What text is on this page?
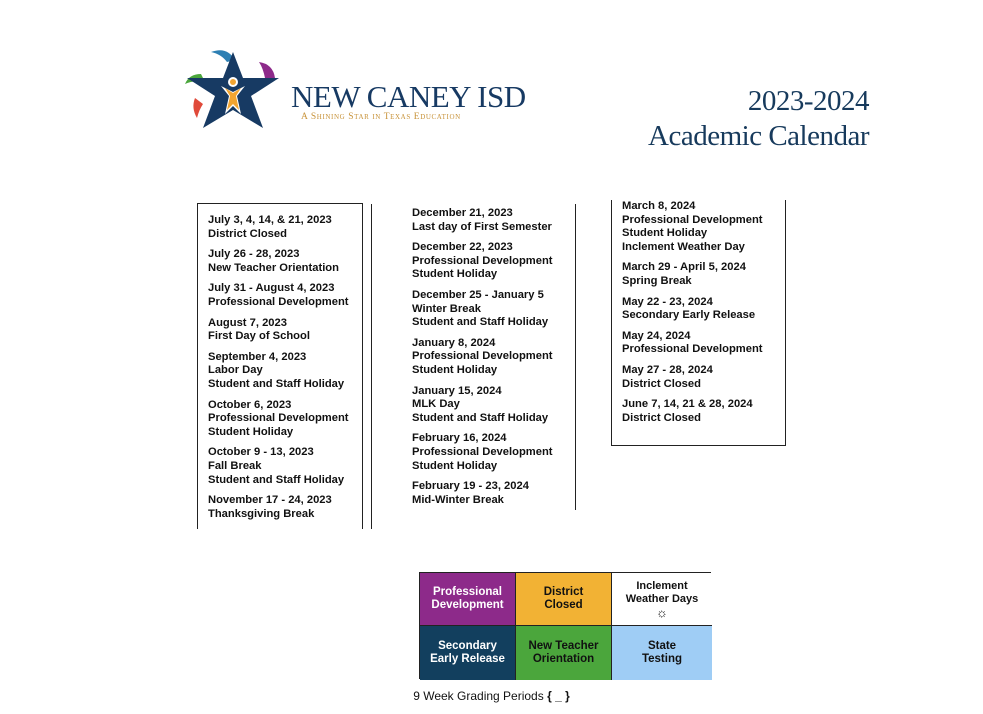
NEW CANEY ISD
A Shining Star in Texas Education	2023-2024
Academic Calendar
July 3, 4, 14, & 21, 2023
District Closed
July 26 - 28, 2023
New Teacher Orientation
July 31 - August 4, 2023
Professional Development
August 7, 2023
First Day of School
September 4, 2023
Labor Day
Student and Staff Holiday
October 6, 2023
Professional Development
Student Holiday
October 9 - 13, 2023
Fall Break
Student and Staff Holiday
November 17 - 24, 2023
Thanksgiving Break
December 21, 2023
Last day of First Semester
December 22, 2023
Professional Development
Student Holiday
December 25 - January 5
Winter Break
Student and Staff Holiday
January 8, 2024
Professional Development
Student Holiday
January 15, 2024
MLK Day
Student and Staff Holiday
February 16, 2024
Professional Development
Student Holiday
February 19 - 23, 2024
Mid-Winter Break
March 8, 2024
Professional Development
Student Holiday
Inclement Weather Day
March 29 - April 5, 2024
Spring Break
May 22 - 23, 2024
Secondary Early Release
May 24, 2024
Professional Development
May 27 - 28, 2024
District Closed
June 7, 14, 21 & 28, 2024
District Closed
Professional
Development
District
Closed
Inclement
Weather Days
☼
Secondary
Early Release
New Teacher
Orientation
State
Testing
9 Week Grading Periods { _ }
